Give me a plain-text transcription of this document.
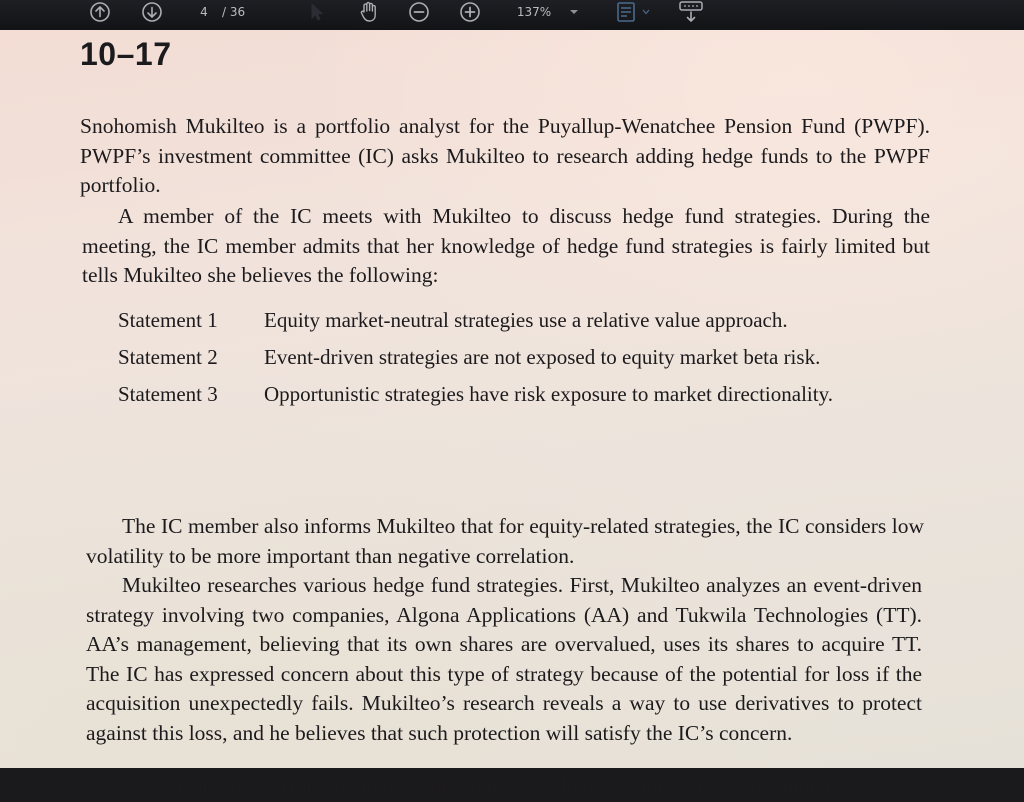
4 / 36	137%
10–17
Snohomish Mukilteo is a portfolio analyst for the Puyallup-Wenatchee Pension Fund (PWPF). PWPF’s investment committee (IC) asks Mukilteo to research adding hedge funds to the PWPF portfolio.
A member of the IC meets with Mukilteo to discuss hedge fund strategies. During the meeting, the IC member admits that her knowledge of hedge fund strategies is fairly limited but tells Mukilteo she believes the following:
Statement 1	Equity market-neutral strategies use a relative value approach.
Statement 2	Event-driven strategies are not exposed to equity market beta risk.
Statement 3	Opportunistic strategies have risk exposure to market directionality.
The IC member also informs Mukilteo that for equity-related strategies, the IC considers low volatility to be more important than negative correlation.
Mukilteo researches various hedge fund strategies. First, Mukilteo analyzes an event-driven strategy involving two companies, Algona Applications (AA) and Tukwila Technologies (TT). AA’s management, believing that its own shares are overvalued, uses its shares to acquire TT. The IC has expressed concern about this type of strategy because of the potential for loss if the acquisition unexpectedly fails. Mukilteo’s research reveals a way to use derivatives to protect against this loss, and he believes that such protection will satisfy the IC’s concern.
Next, while researching relative value strategies, Mukilteo considers a government
